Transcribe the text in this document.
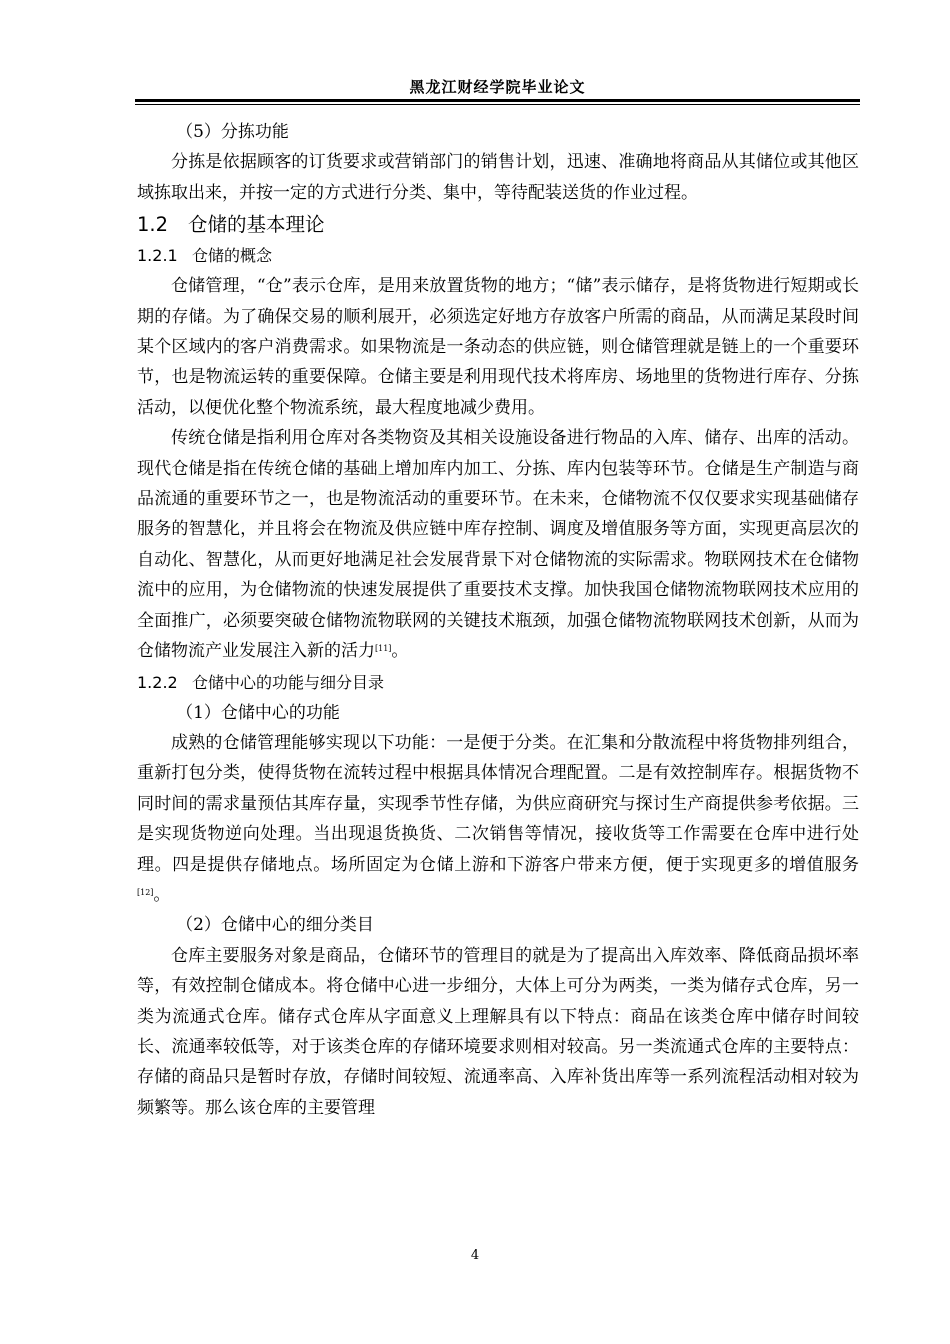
黑龙江财经学院毕业论文

（5）分拣功能

分拣是依据顾客的订货要求或营销部门的销售计划，迅速、准确地将商品从其储位或其他区域拣取出来，并按一定的方式进行分类、集中，等待配装送货的作业过程。

1.2 仓储的基本理论
1.2.1 仓储的概念

仓储管理，“仓”表示仓库，是用来放置货物的地方；“储”表示储存，是将货物进行短期或长期的存储。为了确保交易的顺利展开，必须选定好地方存放客户所需的商品，从而满足某段时间某个区域内的客户消费需求。如果物流是一条动态的供应链，则仓储管理就是链上的一个重要环节，也是物流运转的重要保障。仓储主要是利用现代技术将库房、场地里的货物进行库存、分拣活动，以便优化整个物流系统，最大程度地减少费用。

传统仓储是指利用仓库对各类物资及其相关设施设备进行物品的入库、储存、出库的活动。现代仓储是指在传统仓储的基础上增加库内加工、分拣、库内包装等环节。仓储是生产制造与商品流通的重要环节之一，也是物流活动的重要环节。在未来，仓储物流不仅仅要求实现基础储存服务的智慧化，并且将会在物流及供应链中库存控制、调度及增值服务等方面，实现更高层次的自动化、智慧化，从而更好地满足社会发展背景下对仓储物流的实际需求。物联网技术在仓储物流中的应用，为仓储物流的快速发展提供了重要技术支撑。加快我国仓储物流物联网技术应用的全面推广，必须要突破仓储物流物联网的关键技术瓶颈，加强仓储物流物联网技术创新，从而为仓储物流产业发展注入新的活力[11]。

1.2.2 仓储中心的功能与细分目录

（1）仓储中心的功能

成熟的仓储管理能够实现以下功能：一是便于分类。在汇集和分散流程中将货物排列组合，重新打包分类，使得货物在流转过程中根据具体情况合理配置。二是有效控制库存。根据货物不同时间的需求量预估其库存量，实现季节性存储，为供应商研究与探讨生产商提供参考依据。三是实现货物逆向处理。当出现退货换货、二次销售等情况，接收货等工作需要在仓库中进行处理。四是提供存储地点。场所固定为仓储上游和下游客户带来方便，便于实现更多的增值服务[12]。

（2）仓储中心的细分类目

仓库主要服务对象是商品，仓储环节的管理目的就是为了提高出入库效率、降低商品损坏率等，有效控制仓储成本。将仓储中心进一步细分，大体上可分为两类，一类为储存式仓库，另一类为流通式仓库。储存式仓库从字面意义上理解具有以下特点：商品在该类仓库中储存时间较长、流通率较低等，对于该类仓库的存储环境要求则相对较高。另一类流通式仓库的主要特点：存储的商品只是暂时存放，存储时间较短、流通率高、入库补货出库等一系列流程活动相对较为频繁等。那么该仓库的主要管理

4
